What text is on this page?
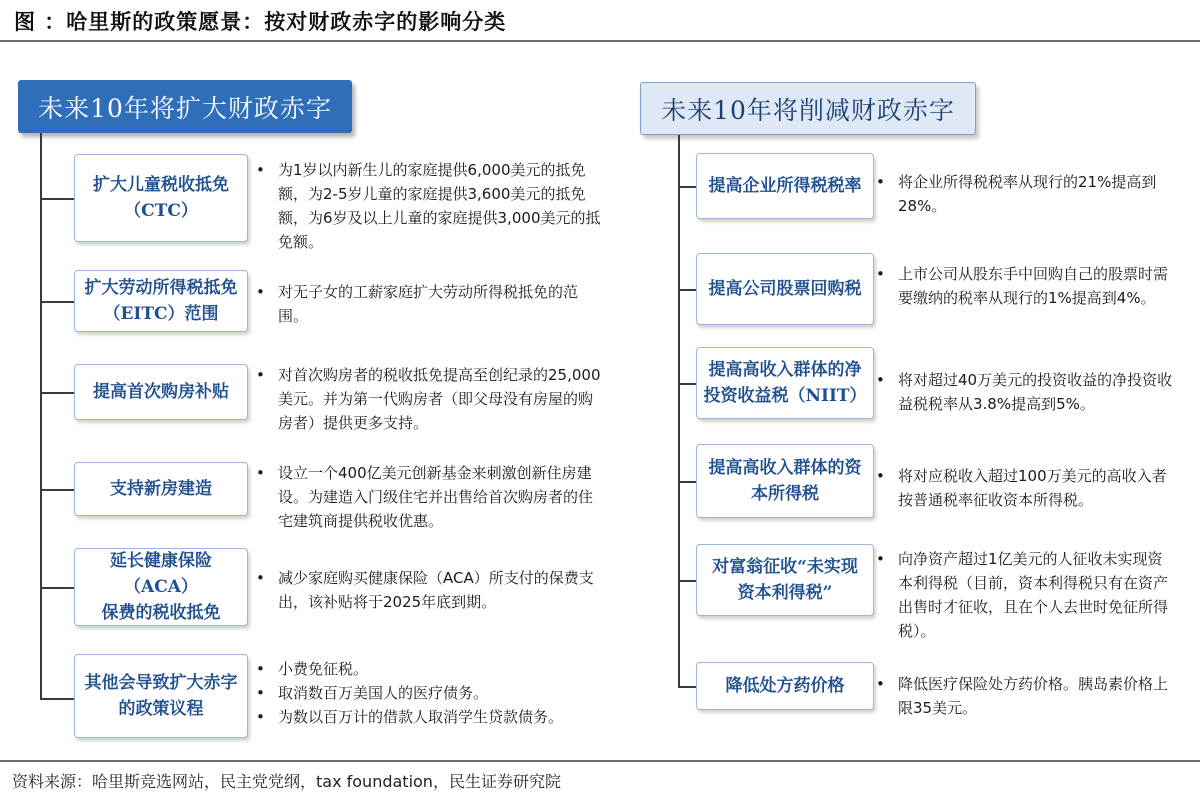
图 ：哈里斯的政策愿景：按对财政赤字的影响分类
未来10年将扩大财政赤字
扩大儿童税收抵免
（CTC）
扩大劳动所得税抵免
（EITC）范围
提高首次购房补贴
支持新房建造
延长健康保险（ACA）
保费的税收抵免
其他会导致扩大赤字
的政策议程
• 为1岁以内新生儿的家庭提供6,000美元的抵免额，为2-5岁儿童的家庭提供3,600美元的抵免额，为6岁及以上儿童的家庭提供3,000美元的抵免额。
• 对无子女的工薪家庭扩大劳动所得税抵免的范围。
• 对首次购房者的税收抵免提高至创纪录的25,000美元。并为第一代购房者（即父母没有房屋的购房者）提供更多支持。
• 设立一个400亿美元创新基金来刺激创新住房建设。为建造入门级住宅并出售给首次购房者的住宅建筑商提供税收优惠。
• 减少家庭购买健康保险（ACA）所支付的保费支出，该补贴将于2025年底到期。
• 小费免征税。
• 取消数百万美国人的医疗债务。
• 为数以百万计的借款人取消学生贷款债务。
未来10年将削减财政赤字
提高企业所得税税率
提高公司股票回购税
提高高收入群体的净
投资收益税（NIIT）
提高高收入群体的资
本所得税
对富翁征收“未实现
资本利得税”
降低处方药价格
• 将企业所得税税率从现行的21%提高到28%。
• 上市公司从股东手中回购自己的股票时需要缴纳的税率从现行的1%提高到4%。
• 将对超过40万美元的投资收益的净投资收益税税率从3.8%提高到5%。
• 将对应税收入超过100万美元的高收入者按普通税率征收资本所得税。
• 向净资产超过1亿美元的人征收未实现资本利得税（目前，资本利得税只有在资产出售时才征收，且在个人去世时免征所得税）。
• 降低医疗保险处方药价格。胰岛素价格上限35美元。
资料来源：哈里斯竞选网站，民主党党纲，tax foundation，民生证券研究院
